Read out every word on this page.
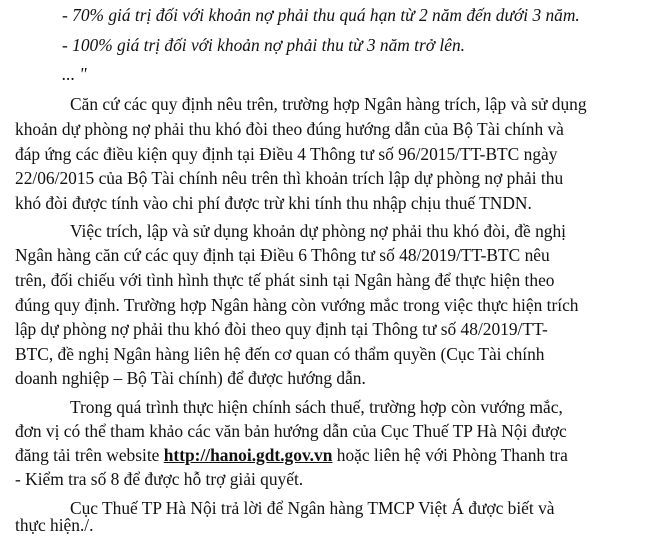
- 70% giá trị đối với khoản nợ phải thu quá hạn từ 2 năm đến dưới 3 năm.
- 100% giá trị đối với khoản nợ phải thu từ 3 năm trở lên.
... "
Căn cứ các quy định nêu trên, trường hợp Ngân hàng trích, lập và sử dụng
khoản dự phòng nợ phải thu khó đòi theo đúng hướng dẫn của Bộ Tài chính và
đáp ứng các điều kiện quy định tại Điều 4 Thông tư số 96/2015/TT-BTC ngày
22/06/2015 của Bộ Tài chính nêu trên thì khoản trích lập dự phòng nợ phải thu
khó đòi được tính vào chi phí được trừ khi tính thu nhập chịu thuế TNDN.
Việc trích, lập và sử dụng khoản dự phòng nợ phải thu khó đòi, đề nghị
Ngân hàng căn cứ các quy định tại Điều 6 Thông tư số 48/2019/TT-BTC nêu
trên, đối chiếu với tình hình thực tế phát sinh tại Ngân hàng để thực hiện theo
đúng quy định. Trường hợp Ngân hàng còn vướng mắc trong việc thực hiện trích
lập dự phòng nợ phải thu khó đòi theo quy định tại Thông tư số 48/2019/TT-
BTC, đề nghị Ngân hàng liên hệ đến cơ quan có thẩm quyền (Cục Tài chính
doanh nghiệp – Bộ Tài chính) để được hướng dẫn.
Trong quá trình thực hiện chính sách thuế, trường hợp còn vướng mắc,
đơn vị có thể tham khảo các văn bản hướng dẫn của Cục Thuế TP Hà Nội được
đăng tải trên website http://hanoi.gdt.gov.vn hoặc liên hệ với Phòng Thanh tra
- Kiểm tra số 8 để được hỗ trợ giải quyết.
Cục Thuế TP Hà Nội trả lời để Ngân hàng TMCP Việt Á được biết và
thực hiện./.
